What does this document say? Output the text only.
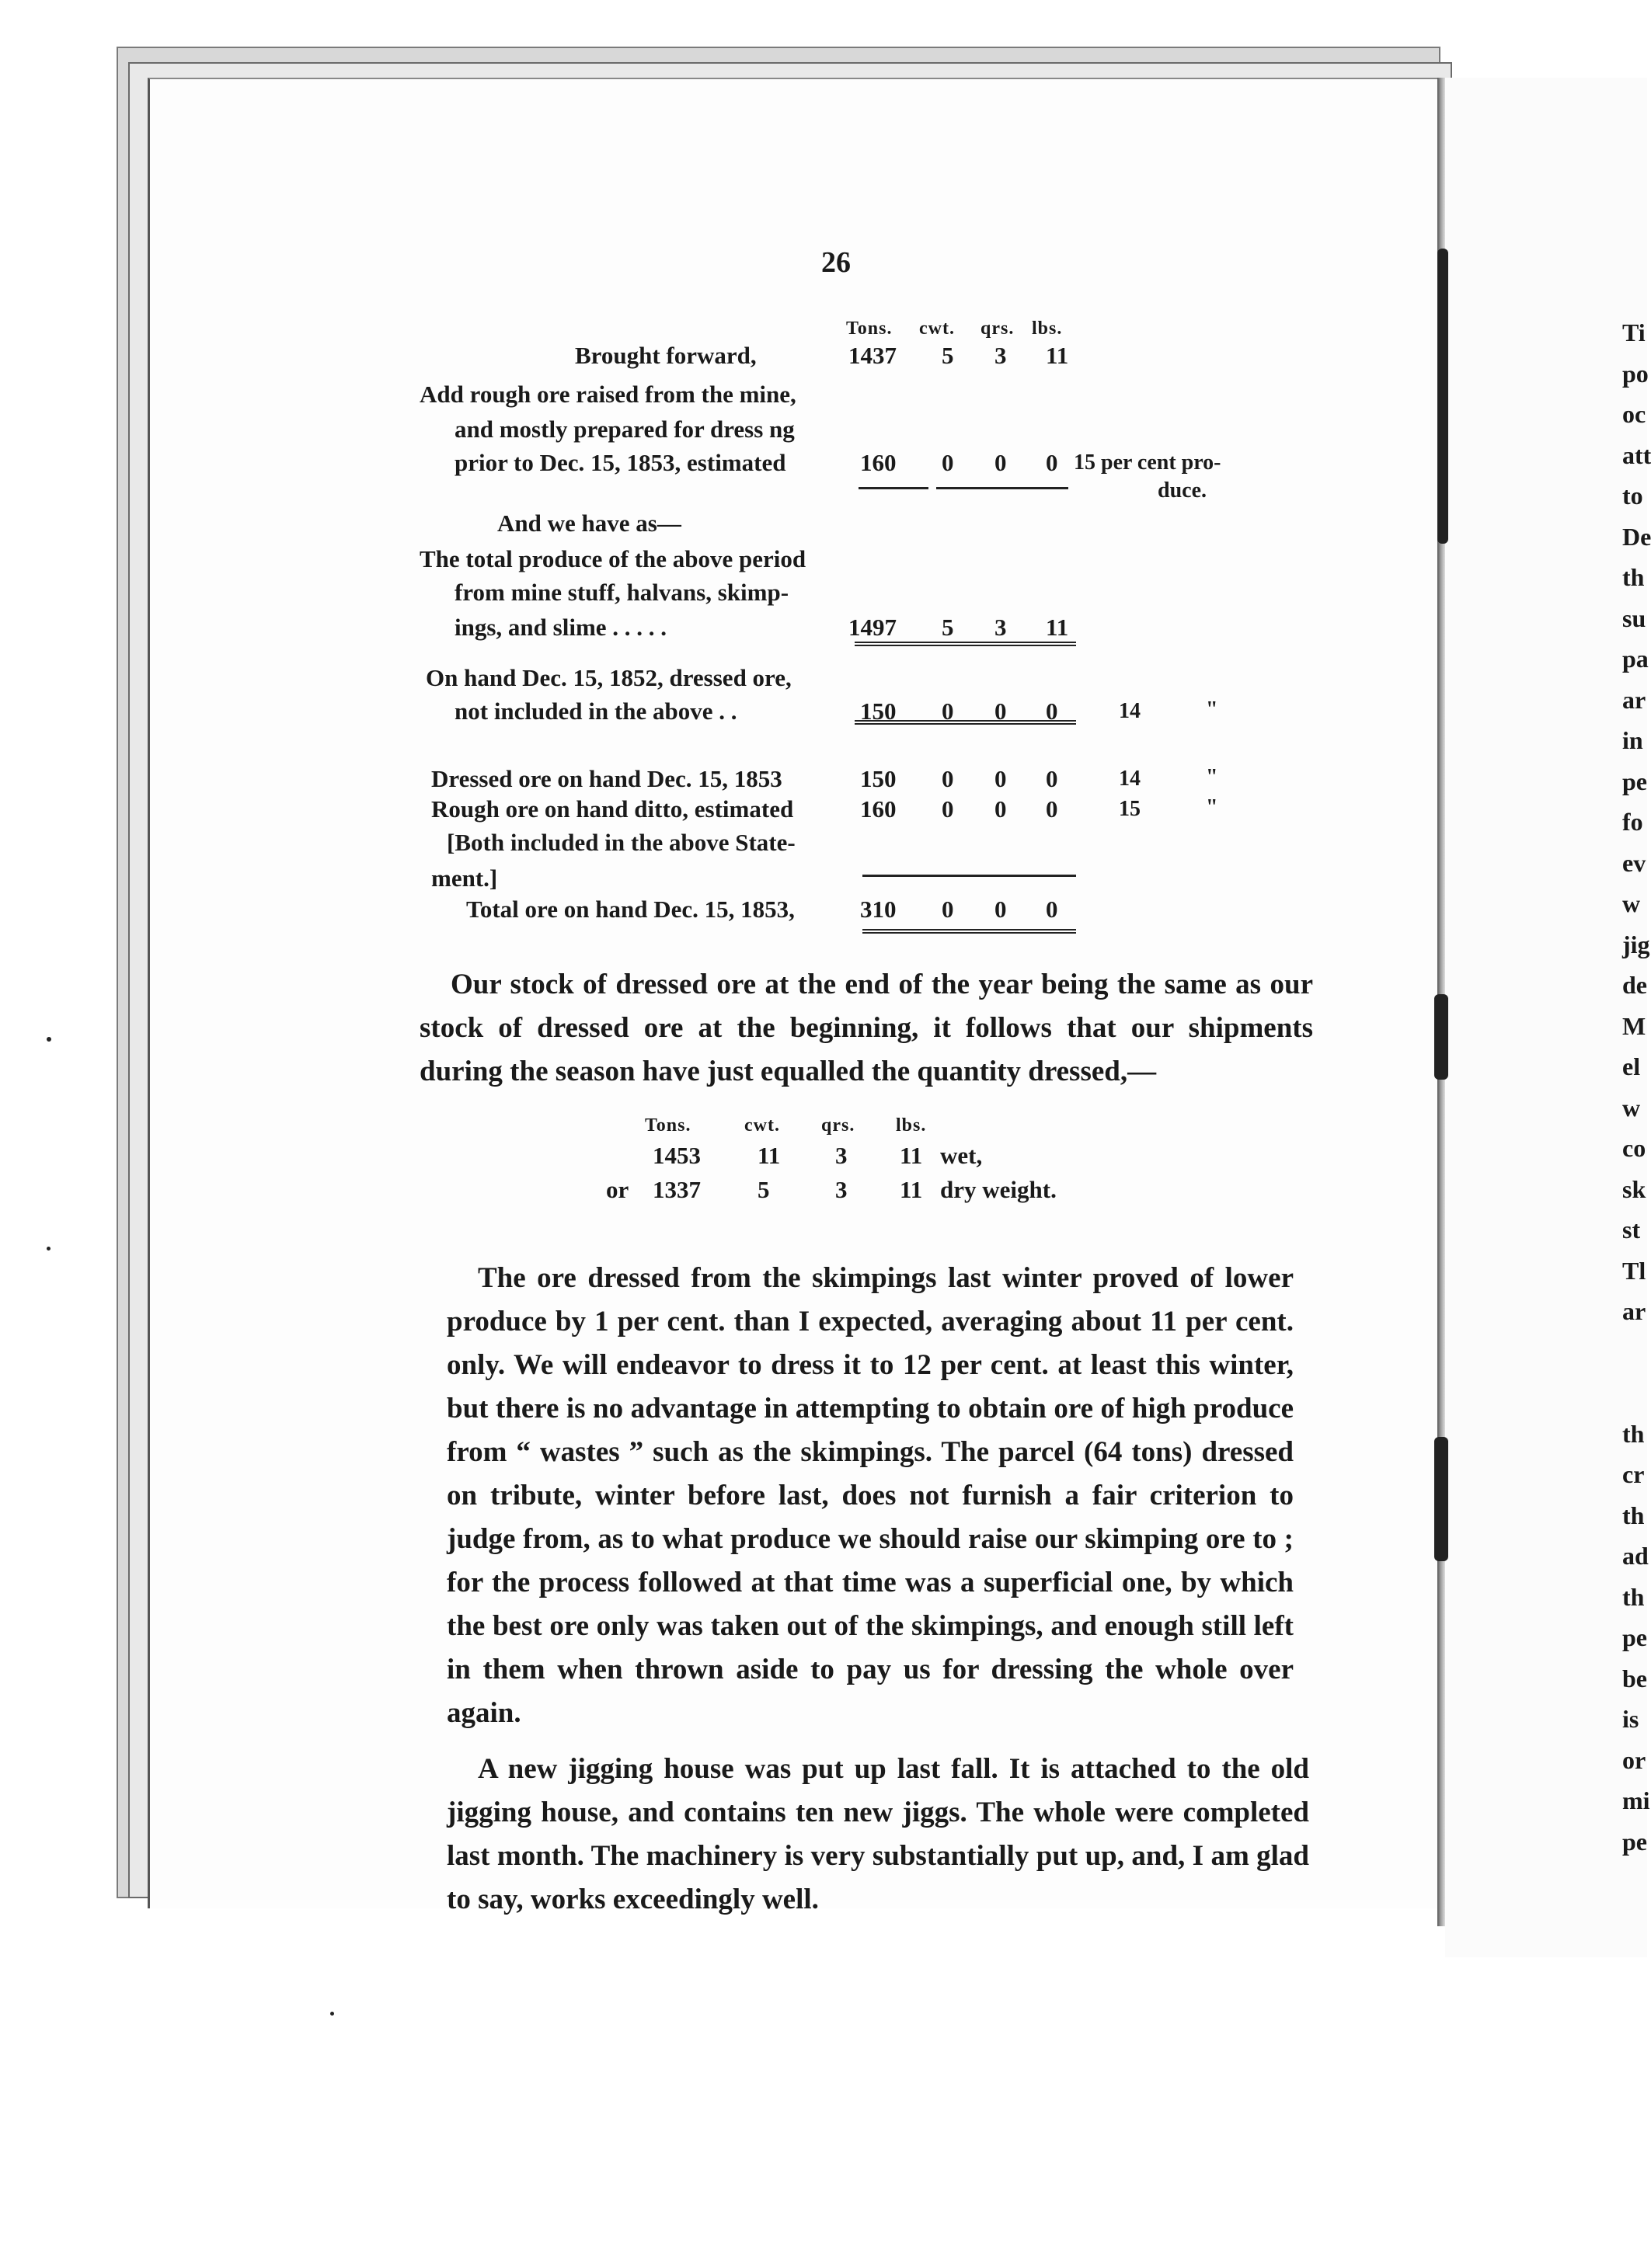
Ti
po
oc
att
to
De
th
su
pa
ar
in
pe
fo
ev
w
jig
de
M
el
w
co
sk
st
Tl
ar
th
cr
th
ad
th
pe
be
is
or
mi
pe
26
Tons. cwt. qrs. lbs.
Brought forward,	1437 5 3 11
Add rough ore raised from the mine,
and mostly prepared for dress ng
prior to Dec. 15, 1853, estimated	160 0 0 0 15 per cent pro-
duce.
And we have as—
The total produce of the above period
from mine stuff, halvans, skimp-
ings, and slime . . . . .	1497 5 3 11
On hand Dec. 15, 1852, dressed ore,
not included in the above . .	150 0 0 0	14	"
Dressed ore on hand Dec. 15, 1853	150 0 0 0	14	"
Rough ore on hand ditto, estimated	160 0 0 0	15	"
[Both included in the above State-
ment.]
Total ore on hand Dec. 15, 1853,	310 0 0 0
Our stock of dressed ore at the end of the year being the same as our stock of dressed ore at the beginning, it follows that our shipments during the season have just equalled the quantity dressed,—
Tons.	cwt. qrs. lbs.
1453 11 3 11 wet,
or 1337 5	3 11 dry weight.
The ore dressed from the skimpings last winter proved of lower produce by 1 per cent. than I expected, averaging about 11 per cent. only. We will endeavor to dress it to 12 per cent. at least this winter, but there is no advantage in attempting to obtain ore of high produce from “ wastes ” such as the skimpings. The parcel (64 tons) dressed on tribute, winter before last, does not furnish a fair criterion to judge from, as to what produce we should raise our skimping ore to ; for the process followed at that time was a superficial one, by which the best ore only was taken out of the skimpings, and enough still left in them when thrown aside to pay us for dressing the whole over again.
A new jigging house was put up last fall. It is attached to the old jigging house, and contains ten new jiggs. The whole were completed last month. The machinery is very substantially put up, and, I am glad to say, works exceedingly well.
